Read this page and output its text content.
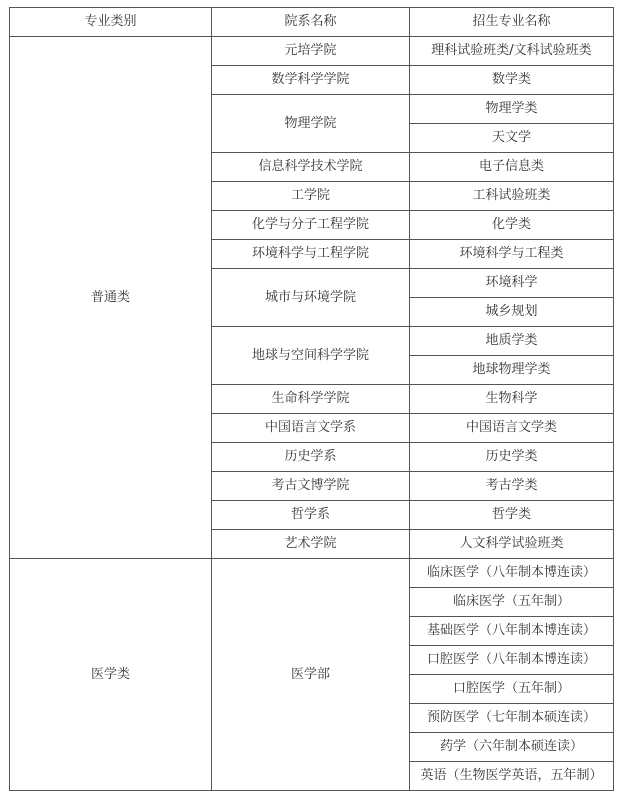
专业类别	院系名称	招生专业名称
普通类	元培学院	理科试验班类/文科试验班类
	数学科学学院	数学类
	物理学院	物理学类
		天文学
	信息科学技术学院	电子信息类
	工学院	工科试验班类
	化学与分子工程学院	化学类
	环境科学与工程学院	环境科学与工程类
	城市与环境学院	环境科学
		城乡规划
	地球与空间科学学院	地质学类
		地球物理学类
	生命科学学院	生物科学
	中国语言文学系	中国语言文学类
	历史学系	历史学类
	考古文博学院	考古学类
	哲学系	哲学类
	艺术学院	人文科学试验班类
医学类	医学部	临床医学（八年制本博连读）
		临床医学（五年制）
		基础医学（八年制本博连读）
		口腔医学（八年制本博连读）
		口腔医学（五年制）
		预防医学（七年制本硕连读）
		药学（六年制本硕连读）
		英语（生物医学英语，五年制）
